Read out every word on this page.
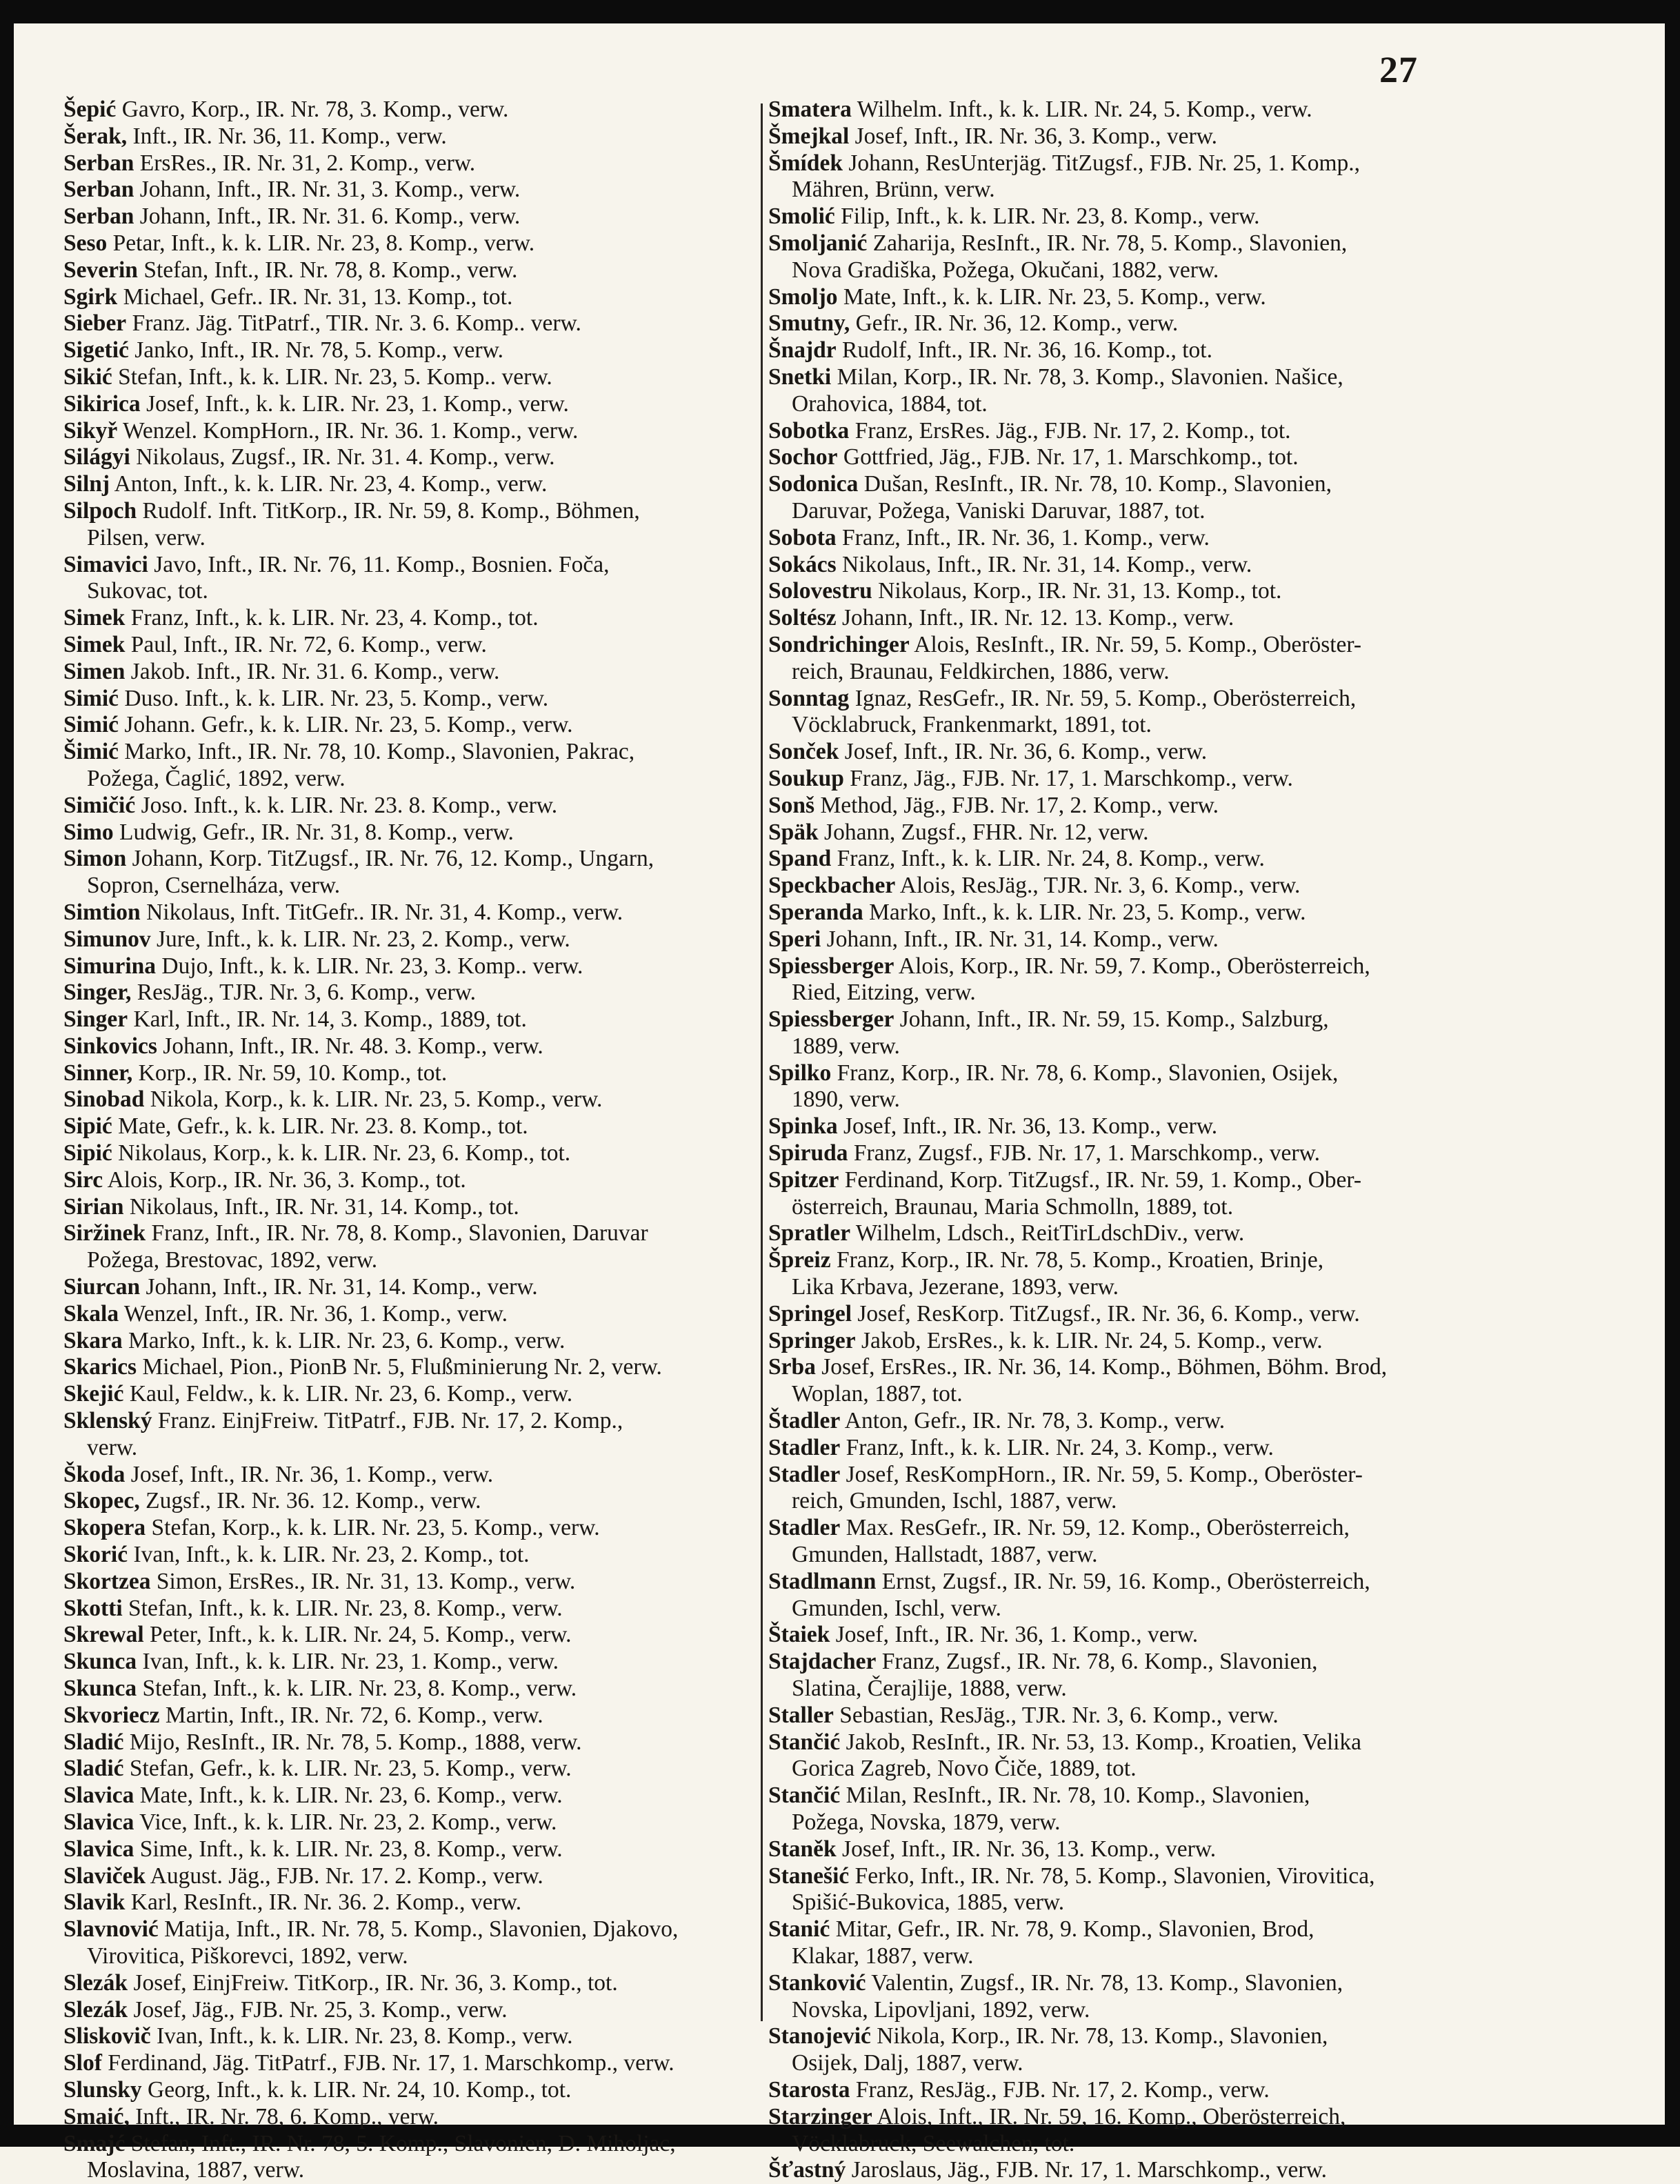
27
Šepić Gavro, Korp., IR. Nr. 78, 3. Komp., verw.
Šerak, Inft., IR. Nr. 36, 11. Komp., verw.
Serban ErsRes., IR. Nr. 31, 2. Komp., verw.
Serban Johann, Inft., IR. Nr. 31, 3. Komp., verw.
Serban Johann, Inft., IR. Nr. 31. 6. Komp., verw.
Seso Petar, Inft., k. k. LIR. Nr. 23, 8. Komp., verw.
Severin Stefan, Inft., IR. Nr. 78, 8. Komp., verw.
Sgirk Michael, Gefr.. IR. Nr. 31, 13. Komp., tot.
Sieber Franz. Jäg. TitPatrf., TIR. Nr. 3. 6. Komp.. verw.
Sigetić Janko, Inft., IR. Nr. 78, 5. Komp., verw.
Sikić Stefan, Inft., k. k. LIR. Nr. 23, 5. Komp.. verw.
Sikirica Josef, Inft., k. k. LIR. Nr. 23, 1. Komp., verw.
Sikyř Wenzel. KompHorn., IR. Nr. 36. 1. Komp., verw.
Silágyi Nikolaus, Zugsf., IR. Nr. 31. 4. Komp., verw.
Silnj Anton, Inft., k. k. LIR. Nr. 23, 4. Komp., verw.
Silpoch Rudolf. Inft. TitKorp., IR. Nr. 59, 8. Komp., Böhmen,
Pilsen, verw.
Simavici Javo, Inft., IR. Nr. 76, 11. Komp., Bosnien. Foča,
Sukovac, tot.
Simek Franz, Inft., k. k. LIR. Nr. 23, 4. Komp., tot.
Simek Paul, Inft., IR. Nr. 72, 6. Komp., verw.
Simen Jakob. Inft., IR. Nr. 31. 6. Komp., verw.
Simić Duso. Inft., k. k. LIR. Nr. 23, 5. Komp., verw.
Simić Johann. Gefr., k. k. LIR. Nr. 23, 5. Komp., verw.
Šimić Marko, Inft., IR. Nr. 78, 10. Komp., Slavonien, Pakrac,
Požega, Čaglić, 1892, verw.
Simičić Joso. Inft., k. k. LIR. Nr. 23. 8. Komp., verw.
Simo Ludwig, Gefr., IR. Nr. 31, 8. Komp., verw.
Simon Johann, Korp. TitZugsf., IR. Nr. 76, 12. Komp., Ungarn,
Sopron, Csernelháza, verw.
Simtion Nikolaus, Inft. TitGefr.. IR. Nr. 31, 4. Komp., verw.
Simunov Jure, Inft., k. k. LIR. Nr. 23, 2. Komp., verw.
Simurina Dujo, Inft., k. k. LIR. Nr. 23, 3. Komp.. verw.
Singer, ResJäg., TJR. Nr. 3, 6. Komp., verw.
Singer Karl, Inft., IR. Nr. 14, 3. Komp., 1889, tot.
Sinkovics Johann, Inft., IR. Nr. 48. 3. Komp., verw.
Sinner, Korp., IR. Nr. 59, 10. Komp., tot.
Sinobad Nikola, Korp., k. k. LIR. Nr. 23, 5. Komp., verw.
Sipić Mate, Gefr., k. k. LIR. Nr. 23. 8. Komp., tot.
Sipić Nikolaus, Korp., k. k. LIR. Nr. 23, 6. Komp., tot.
Sirc Alois, Korp., IR. Nr. 36, 3. Komp., tot.
Sirian Nikolaus, Inft., IR. Nr. 31, 14. Komp., tot.
Siržinek Franz, Inft., IR. Nr. 78, 8. Komp., Slavonien, Daruvar
Požega, Brestovac, 1892, verw.
Siurcan Johann, Inft., IR. Nr. 31, 14. Komp., verw.
Skala Wenzel, Inft., IR. Nr. 36, 1. Komp., verw.
Skara Marko, Inft., k. k. LIR. Nr. 23, 6. Komp., verw.
Skarics Michael, Pion., PionB Nr. 5, Flußminierung Nr. 2, verw.
Skejić Kaul, Feldw., k. k. LIR. Nr. 23, 6. Komp., verw.
Sklenský Franz. EinjFreiw. TitPatrf., FJB. Nr. 17, 2. Komp.,
verw.
Škoda Josef, Inft., IR. Nr. 36, 1. Komp., verw.
Skopec, Zugsf., IR. Nr. 36. 12. Komp., verw.
Skopera Stefan, Korp., k. k. LIR. Nr. 23, 5. Komp., verw.
Skorić Ivan, Inft., k. k. LIR. Nr. 23, 2. Komp., tot.
Skortzea Simon, ErsRes., IR. Nr. 31, 13. Komp., verw.
Skotti Stefan, Inft., k. k. LIR. Nr. 23, 8. Komp., verw.
Skrewal Peter, Inft., k. k. LIR. Nr. 24, 5. Komp., verw.
Skunca Ivan, Inft., k. k. LIR. Nr. 23, 1. Komp., verw.
Skunca Stefan, Inft., k. k. LIR. Nr. 23, 8. Komp., verw.
Skvoriecz Martin, Inft., IR. Nr. 72, 6. Komp., verw.
Sladić Mijo, ResInft., IR. Nr. 78, 5. Komp., 1888, verw.
Sladić Stefan, Gefr., k. k. LIR. Nr. 23, 5. Komp., verw.
Slavica Mate, Inft., k. k. LIR. Nr. 23, 6. Komp., verw.
Slavica Vice, Inft., k. k. LIR. Nr. 23, 2. Komp., verw.
Slavica Sime, Inft., k. k. LIR. Nr. 23, 8. Komp., verw.
Slaviček August. Jäg., FJB. Nr. 17. 2. Komp., verw.
Slavik Karl, ResInft., IR. Nr. 36. 2. Komp., verw.
Slavnović Matija, Inft., IR. Nr. 78, 5. Komp., Slavonien, Djakovo,
Virovitica, Piškorevci, 1892, verw.
Slezák Josef, EinjFreiw. TitKorp., IR. Nr. 36, 3. Komp., tot.
Slezák Josef, Jäg., FJB. Nr. 25, 3. Komp., verw.
Sliskovič Ivan, Inft., k. k. LIR. Nr. 23, 8. Komp., verw.
Slof Ferdinand, Jäg. TitPatrf., FJB. Nr. 17, 1. Marschkomp., verw.
Slunsky Georg, Inft., k. k. LIR. Nr. 24, 10. Komp., tot.
Smaić, Inft., IR. Nr. 78, 6. Komp., verw.
Smajć Stefan, Inft., IR. Nr. 78, 5. Komp., Slavonien, D. Miholjac,
Moslavina, 1887, verw.
Smatera Wilhelm. Inft., k. k. LIR. Nr. 24, 5. Komp., verw.
Šmejkal Josef, Inft., IR. Nr. 36, 3. Komp., verw.
Šmídek Johann, ResUnterjäg. TitZugsf., FJB. Nr. 25, 1. Komp.,
Mähren, Brünn, verw.
Smolić Filip, Inft., k. k. LIR. Nr. 23, 8. Komp., verw.
Smoljanić Zaharija, ResInft., IR. Nr. 78, 5. Komp., Slavonien,
Nova Gradiška, Požega, Okučani, 1882, verw.
Smoljo Mate, Inft., k. k. LIR. Nr. 23, 5. Komp., verw.
Smutny, Gefr., IR. Nr. 36, 12. Komp., verw.
Šnajdr Rudolf, Inft., IR. Nr. 36, 16. Komp., tot.
Snetki Milan, Korp., IR. Nr. 78, 3. Komp., Slavonien. Našice,
Orahovica, 1884, tot.
Sobotka Franz, ErsRes. Jäg., FJB. Nr. 17, 2. Komp., tot.
Sochor Gottfried, Jäg., FJB. Nr. 17, 1. Marschkomp., tot.
Sodonica Dušan, ResInft., IR. Nr. 78, 10. Komp., Slavonien,
Daruvar, Požega, Vaniski Daruvar, 1887, tot.
Sobota Franz, Inft., IR. Nr. 36, 1. Komp., verw.
Sokács Nikolaus, Inft., IR. Nr. 31, 14. Komp., verw.
Solovestru Nikolaus, Korp., IR. Nr. 31, 13. Komp., tot.
Soltész Johann, Inft., IR. Nr. 12. 13. Komp., verw.
Sondrichinger Alois, ResInft., IR. Nr. 59, 5. Komp., Oberöster-
reich, Braunau, Feldkirchen, 1886, verw.
Sonntag Ignaz, ResGefr., IR. Nr. 59, 5. Komp., Oberösterreich,
Vöcklabruck, Frankenmarkt, 1891, tot.
Sonček Josef, Inft., IR. Nr. 36, 6. Komp., verw.
Soukup Franz, Jäg., FJB. Nr. 17, 1. Marschkomp., verw.
Sonš Method, Jäg., FJB. Nr. 17, 2. Komp., verw.
Späk Johann, Zugsf., FHR. Nr. 12, verw.
Spand Franz, Inft., k. k. LIR. Nr. 24, 8. Komp., verw.
Speckbacher Alois, ResJäg., TJR. Nr. 3, 6. Komp., verw.
Speranda Marko, Inft., k. k. LIR. Nr. 23, 5. Komp., verw.
Speri Johann, Inft., IR. Nr. 31, 14. Komp., verw.
Spiessberger Alois, Korp., IR. Nr. 59, 7. Komp., Oberösterreich,
Ried, Eitzing, verw.
Spiessberger Johann, Inft., IR. Nr. 59, 15. Komp., Salzburg,
1889, verw.
Spilko Franz, Korp., IR. Nr. 78, 6. Komp., Slavonien, Osijek,
1890, verw.
Spinka Josef, Inft., IR. Nr. 36, 13. Komp., verw.
Spiruda Franz, Zugsf., FJB. Nr. 17, 1. Marschkomp., verw.
Spitzer Ferdinand, Korp. TitZugsf., IR. Nr. 59, 1. Komp., Ober-
österreich, Braunau, Maria Schmolln, 1889, tot.
Spratler Wilhelm, Ldsch., ReitTirLdschDiv., verw.
Špreiz Franz, Korp., IR. Nr. 78, 5. Komp., Kroatien, Brinje,
Lika Krbava, Jezerane, 1893, verw.
Springel Josef, ResKorp. TitZugsf., IR. Nr. 36, 6. Komp., verw.
Springer Jakob, ErsRes., k. k. LIR. Nr. 24, 5. Komp., verw.
Srba Josef, ErsRes., IR. Nr. 36, 14. Komp., Böhmen, Böhm. Brod,
Woplan, 1887, tot.
Štadler Anton, Gefr., IR. Nr. 78, 3. Komp., verw.
Stadler Franz, Inft., k. k. LIR. Nr. 24, 3. Komp., verw.
Stadler Josef, ResKompHorn., IR. Nr. 59, 5. Komp., Oberöster-
reich, Gmunden, Ischl, 1887, verw.
Stadler Max. ResGefr., IR. Nr. 59, 12. Komp., Oberösterreich,
Gmunden, Hallstadt, 1887, verw.
Stadlmann Ernst, Zugsf., IR. Nr. 59, 16. Komp., Oberösterreich,
Gmunden, Ischl, verw.
Štaiek Josef, Inft., IR. Nr. 36, 1. Komp., verw.
Stajdacher Franz, Zugsf., IR. Nr. 78, 6. Komp., Slavonien,
Slatina, Čerajlije, 1888, verw.
Staller Sebastian, ResJäg., TJR. Nr. 3, 6. Komp., verw.
Stančić Jakob, ResInft., IR. Nr. 53, 13. Komp., Kroatien, Velika
Gorica Zagreb, Novo Čiče, 1889, tot.
Stančić Milan, ResInft., IR. Nr. 78, 10. Komp., Slavonien,
Požega, Novska, 1879, verw.
Staněk Josef, Inft., IR. Nr. 36, 13. Komp., verw.
Stanešić Ferko, Inft., IR. Nr. 78, 5. Komp., Slavonien, Virovitica,
Spišić-Bukovica, 1885, verw.
Stanić Mitar, Gefr., IR. Nr. 78, 9. Komp., Slavonien, Brod,
Klakar, 1887, verw.
Stanković Valentin, Zugsf., IR. Nr. 78, 13. Komp., Slavonien,
Novska, Lipovljani, 1892, verw.
Stanojević Nikola, Korp., IR. Nr. 78, 13. Komp., Slavonien,
Osijek, Dalj, 1887, verw.
Starosta Franz, ResJäg., FJB. Nr. 17, 2. Komp., verw.
Starzinger Alois, Inft., IR. Nr. 59, 16. Komp., Oberösterreich,
Vöcklabruck, Seewalchen, tot.
Šťastný Jaroslaus, Jäg., FJB. Nr. 17, 1. Marschkomp., verw.
